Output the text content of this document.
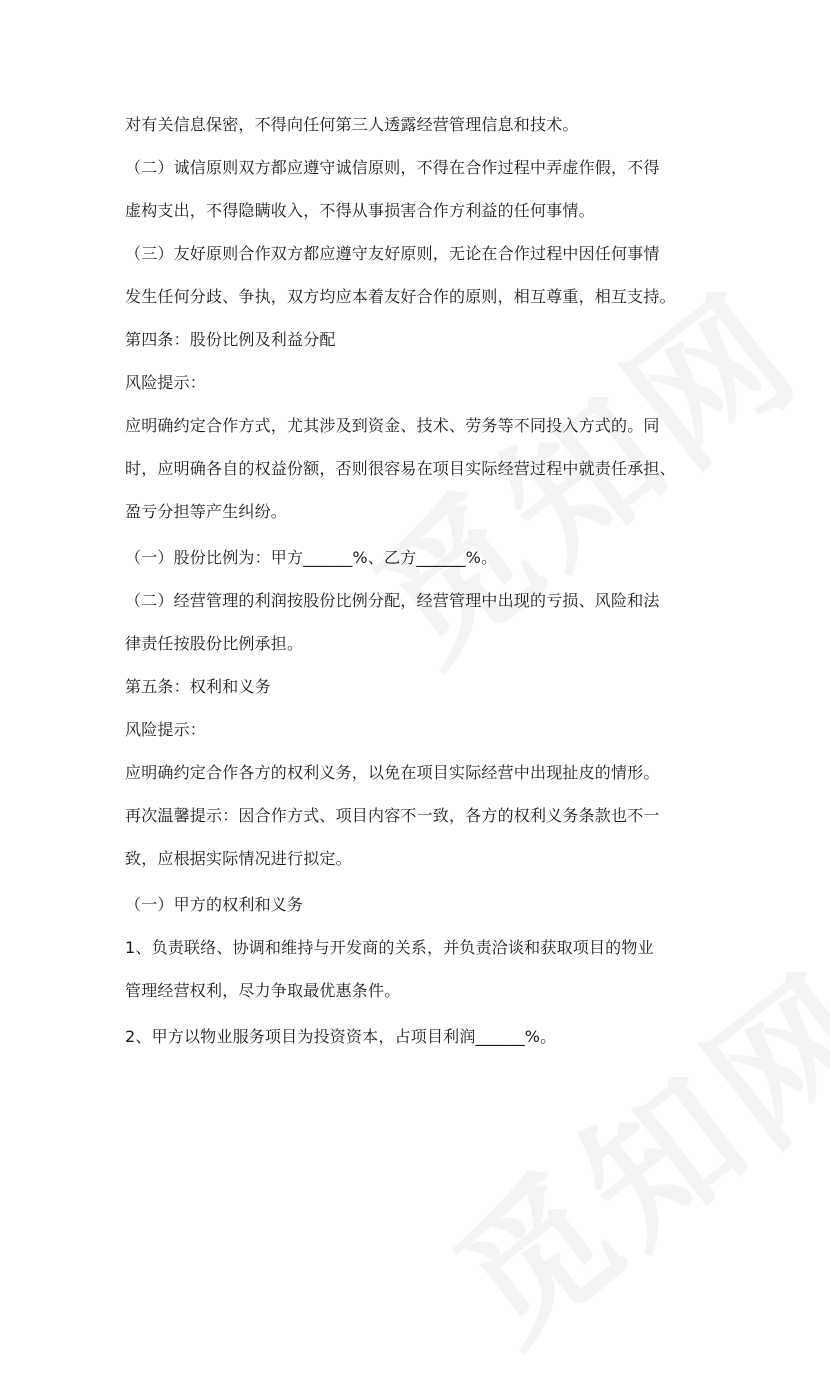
对有关信息保密，不得向任何第三人透露经营管理信息和技术。
（二）诚信原则双方都应遵守诚信原则，不得在合作过程中弄虚作假，不得
虚构支出，不得隐瞒收入，不得从事损害合作方利益的任何事情。
（三）友好原则合作双方都应遵守友好原则，无论在合作过程中因任何事情
发生任何分歧、争执，双方均应本着友好合作的原则，相互尊重，相互支持。
第四条：股份比例及利益分配
风险提示：
应明确约定合作方式，尤其涉及到资金、技术、劳务等不同投入方式的。同
时，应明确各自的权益份额，否则很容易在项目实际经营过程中就责任承担、
盈亏分担等产生纠纷。
（一）股份比例为：甲方______%、乙方______%。
（二）经营管理的利润按股份比例分配，经营管理中出现的亏损、风险和法
律责任按股份比例承担。
第五条：权利和义务
风险提示：
应明确约定合作各方的权利义务，以免在项目实际经营中出现扯皮的情形。
再次温馨提示：因合作方式、项目内容不一致，各方的权利义务条款也不一
致，应根据实际情况进行拟定。
（一）甲方的权利和义务
1、负责联络、协调和维持与开发商的关系，并负责洽谈和获取项目的物业
管理经营权利，尽力争取最优惠条件。
2、甲方以物业服务项目为投资资本，占项目利润______%。
